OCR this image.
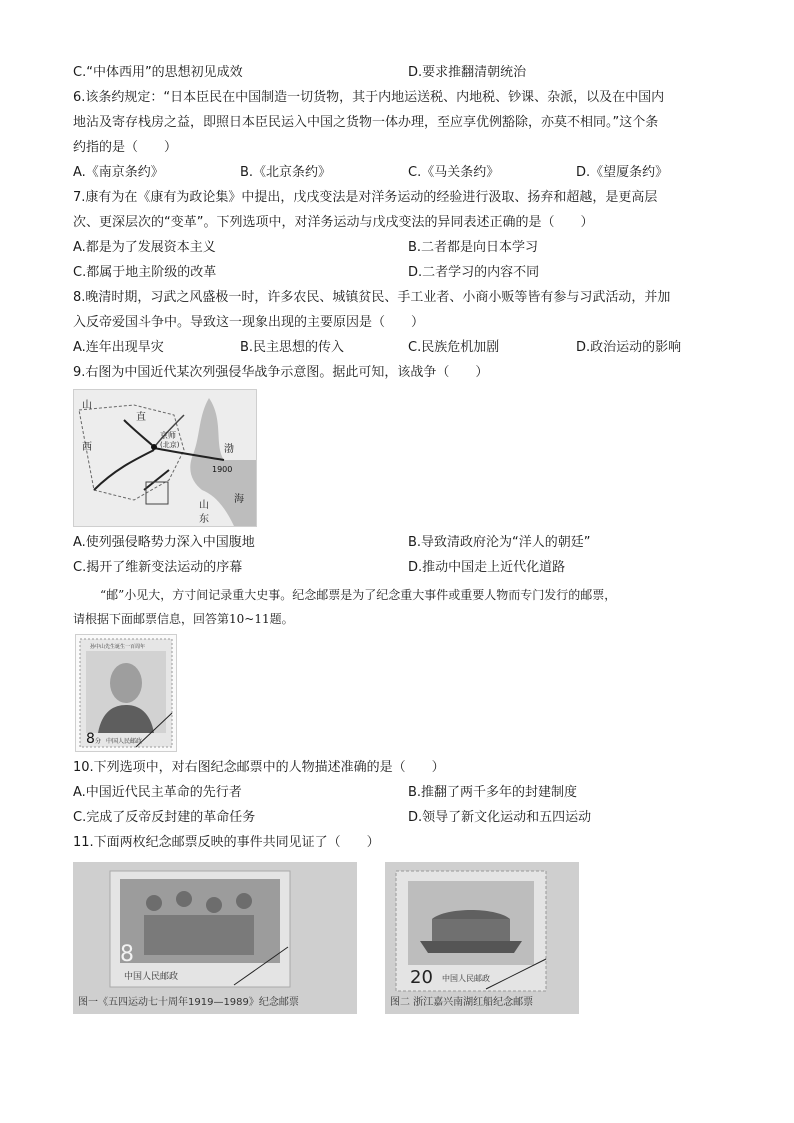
C.“中体西用”的思想初见成效	D.要求推翻清朝统治
6.该条约规定：“日本臣民在中国制造一切货物，其于内地运送税、内地税、钞课、杂派，以及在中国内
地沾及寄存栈房之益，即照日本臣民运入中国之货物一体办理，至应享优例豁除，亦莫不相同。”这个条
约指的是（　　）
A.《南京条约》	B.《北京条约》	C.《马关条约》	D.《望厦条约》
7.康有为在《康有为政论集》中提出，戊戌变法是对洋务运动的经验进行汲取、扬弃和超越，是更高层
次、更深层次的“变革”。下列选项中，对洋务运动与戊戌变法的异同表述正确的是（　　）
A.都是为了发展资本主义	B.二者都是向日本学习
C.都属于地主阶级的改革	D.二者学习的内容不同
8.晚清时期，习武之风盛极一时，许多农民、城镇贫民、手工业者、小商小贩等皆有参与习武活动，并加
入反帝爱国斗争中。导致这一现象出现的主要原因是（　　）
A.连年出现旱灾	B.民主思想的传入	C.民族危机加剧	D.政治运动的影响
9.右图为中国近代某次列强侵华战争示意图。据此可知，该战争（　　）
山
直
西
京师
(北京)
1900
渤
海
山
东
A.使列强侵略势力深入中国腹地	B.导致清政府沦为“洋人的朝廷”
C.揭开了维新变法运动的序幕	D.推动中国走上近代化道路
“邮”小见大，方寸间记录重大史事。纪念邮票是为了纪念重大事件或重要人物而专门发行的邮票，
请根据下面邮票信息，回答第10~11题。
孙中山先生诞生一百周年
8 分 中国人民邮政
10.下列选项中，对右图纪念邮票中的人物描述准确的是（　　）
A.中国近代民主革命的先行者	B.推翻了两千多年的封建制度
C.完成了反帝反封建的革命任务	D.领导了新文化运动和五四运动
11.下面两枚纪念邮票反映的事件共同见证了（　　）
8
中国人民邮政
图一《五四运动七十周年1919—1989》纪念邮票
20 中国人民邮政
图二 浙江嘉兴南湖红船纪念邮票
